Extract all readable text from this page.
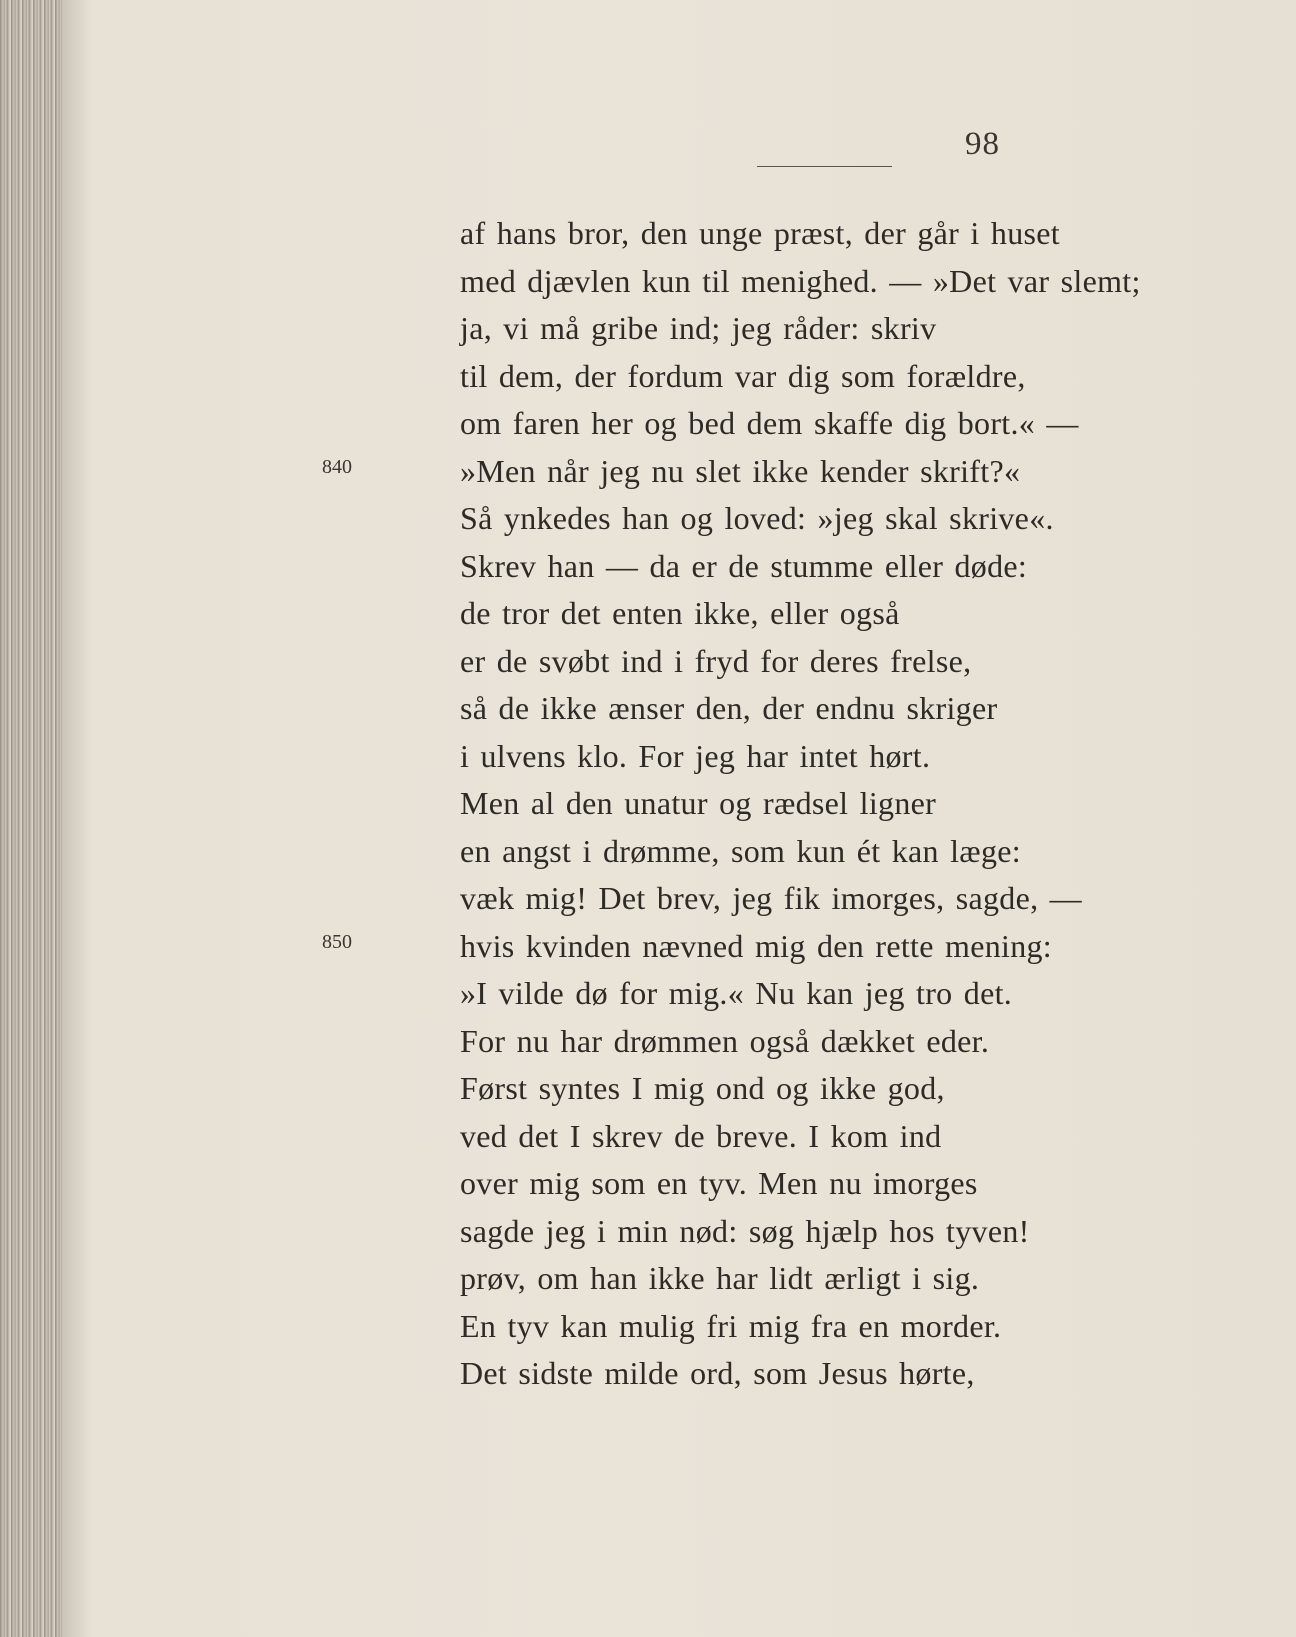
98
840
850
af hans bror, den unge præst, der går i huset
med djævlen kun til menighed. — »Det var slemt;
ja, vi må gribe ind; jeg råder: skriv
til dem, der fordum var dig som forældre,
om faren her og bed dem skaffe dig bort.« —
»Men når jeg nu slet ikke kender skrift?«
Så ynkedes han og loved: »jeg skal skrive«.
Skrev han — da er de stumme eller døde:
de tror det enten ikke, eller også
er de svøbt ind i fryd for deres frelse,
så de ikke ænser den, der endnu skriger
i ulvens klo. For jeg har intet hørt.
Men al den unatur og rædsel ligner
en angst i drømme, som kun ét kan læge:
væk mig! Det brev, jeg fik imorges, sagde, —
hvis kvinden nævned mig den rette mening:
»I vilde dø for mig.« Nu kan jeg tro det.
For nu har drømmen også dækket eder.
Først syntes I mig ond og ikke god,
ved det I skrev de breve. I kom ind
over mig som en tyv. Men nu imorges
sagde jeg i min nød: søg hjælp hos tyven!
prøv, om han ikke har lidt ærligt i sig.
En tyv kan mulig fri mig fra en morder.
Det sidste milde ord, som Jesus hørte,
